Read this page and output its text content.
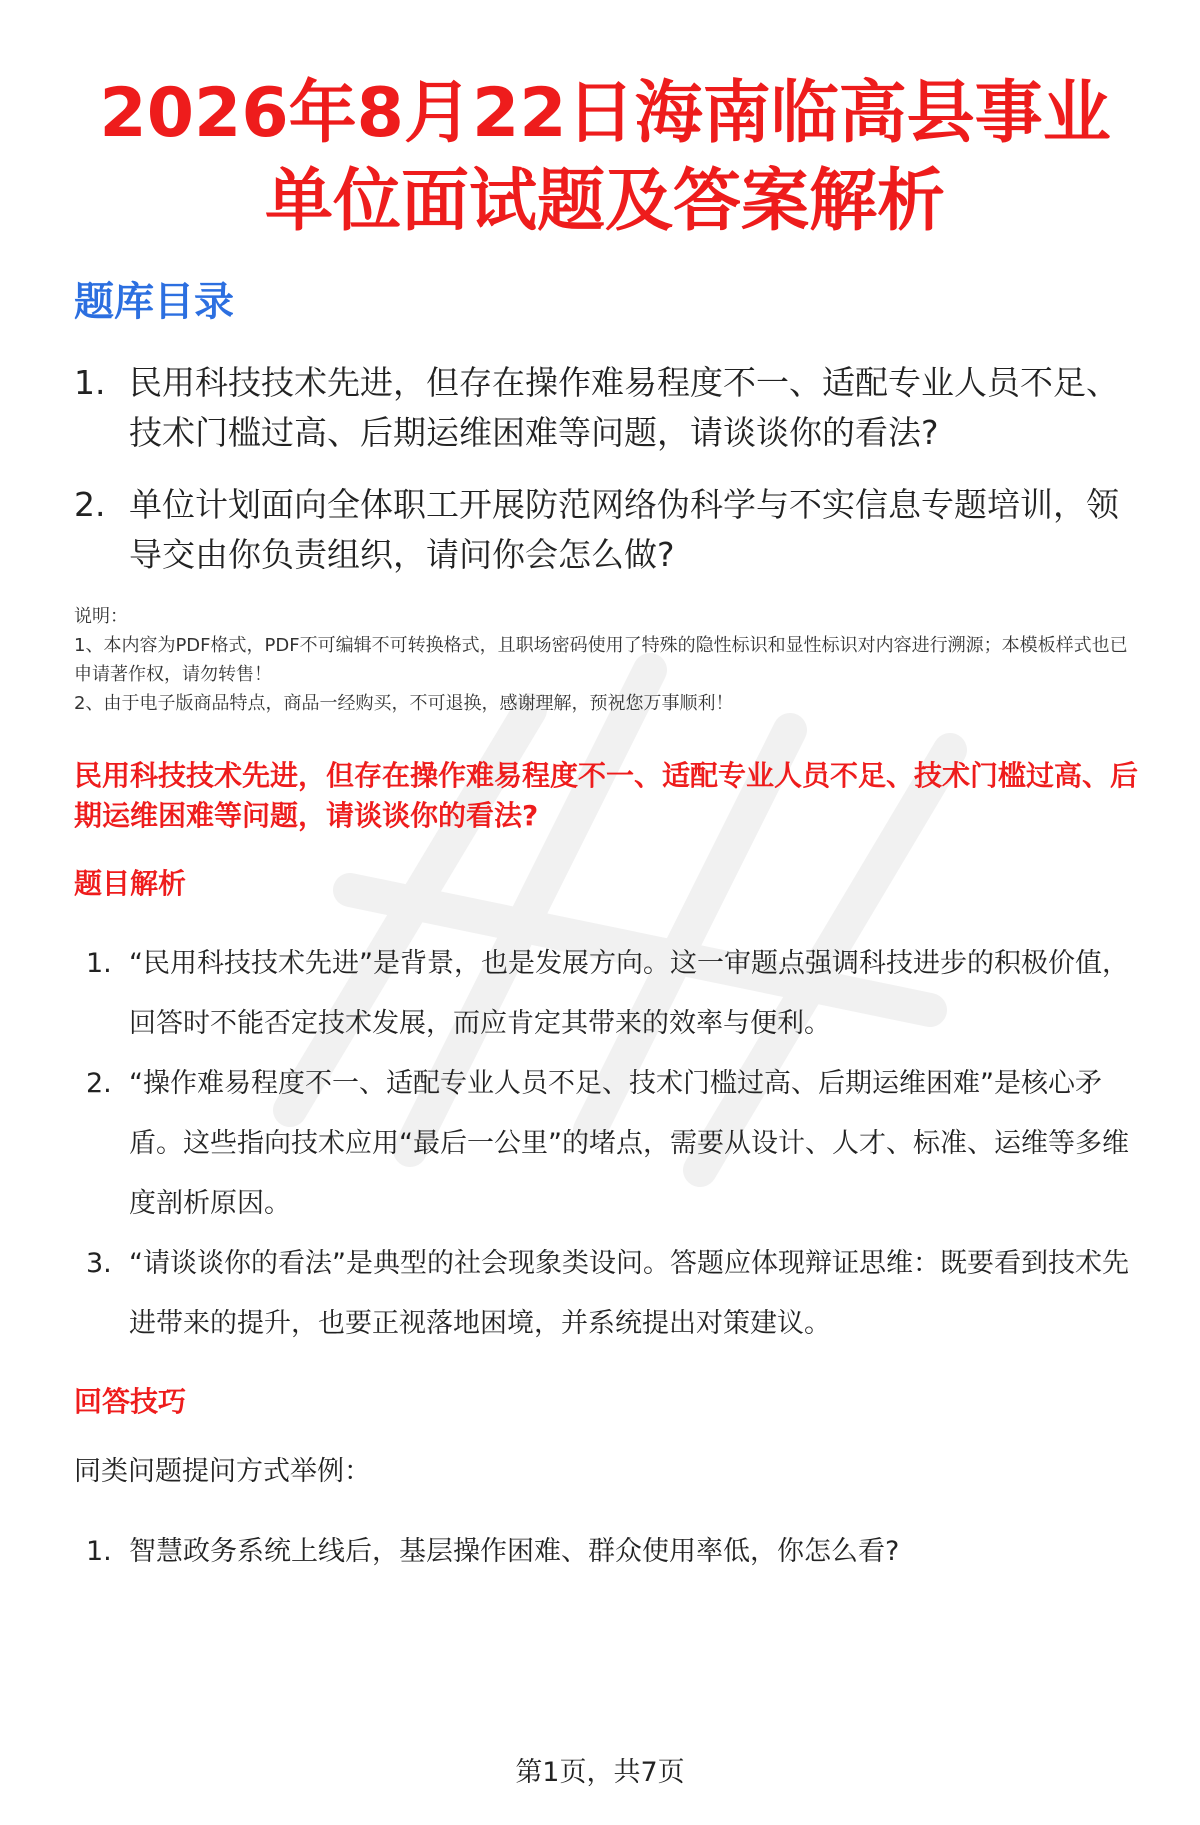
2026年8月22日海南临高县事业单位面试题及答案解析
题库目录
1. 民用科技技术先进，但存在操作难易程度不一、适配专业人员不足、技术门槛过高、后期运维困难等问题，请谈谈你的看法?
2. 单位计划面向全体职工开展防范网络伪科学与不实信息专题培训，领导交由你负责组织，请问你会怎么做?
说明：
1、本内容为PDF格式，PDF不可编辑不可转换格式，且职场密码使用了特殊的隐性标识和显性标识对内容进行溯源；本模板样式也已申请著作权，请勿转售！
2、由于电子版商品特点，商品一经购买，不可退换，感谢理解，预祝您万事顺利！
民用科技技术先进，但存在操作难易程度不一、适配专业人员不足、技术门槛过高、后期运维困难等问题，请谈谈你的看法?
题目解析
1. “民用科技技术先进”是背景，也是发展方向。这一审题点强调科技进步的积极价值，回答时不能否定技术发展，而应肯定其带来的效率与便利。
2. “操作难易程度不一、适配专业人员不足、技术门槛过高、后期运维困难”是核心矛盾。这些指向技术应用“最后一公里”的堵点，需要从设计、人才、标准、运维等多维度剖析原因。
3. “请谈谈你的看法”是典型的社会现象类设问。答题应体现辩证思维：既要看到技术先进带来的提升，也要正视落地困境，并系统提出对策建议。
回答技巧
同类问题提问方式举例：
1. 智慧政务系统上线后，基层操作困难、群众使用率低，你怎么看?
第1页，共7页
